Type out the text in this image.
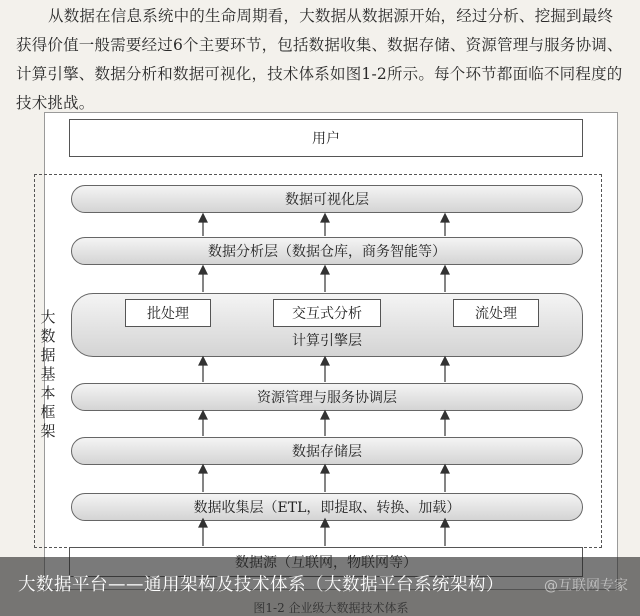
从数据在信息系统中的生命周期看，大数据从数据源开始，经过分析、挖掘到最终获得价值一般需要经过6个主要环节，包括数据收集、数据存储、资源管理与服务协调、计算引擎、数据分析和数据可视化，技术体系如图1-2所示。每个环节都面临不同程度的技术挑战。

用户
大
数
据
基
本
框
架
数据可视化层
数据分析层（数据仓库，商务智能等）
计算引擎层
批处理	交互式分析	流处理
资源管理与服务协调层
数据存储层
数据收集层（ETL，即提取、转换、加载）
大数据平台——通用架构及技术体系（大数据平台系统架构）	@互联网专家
